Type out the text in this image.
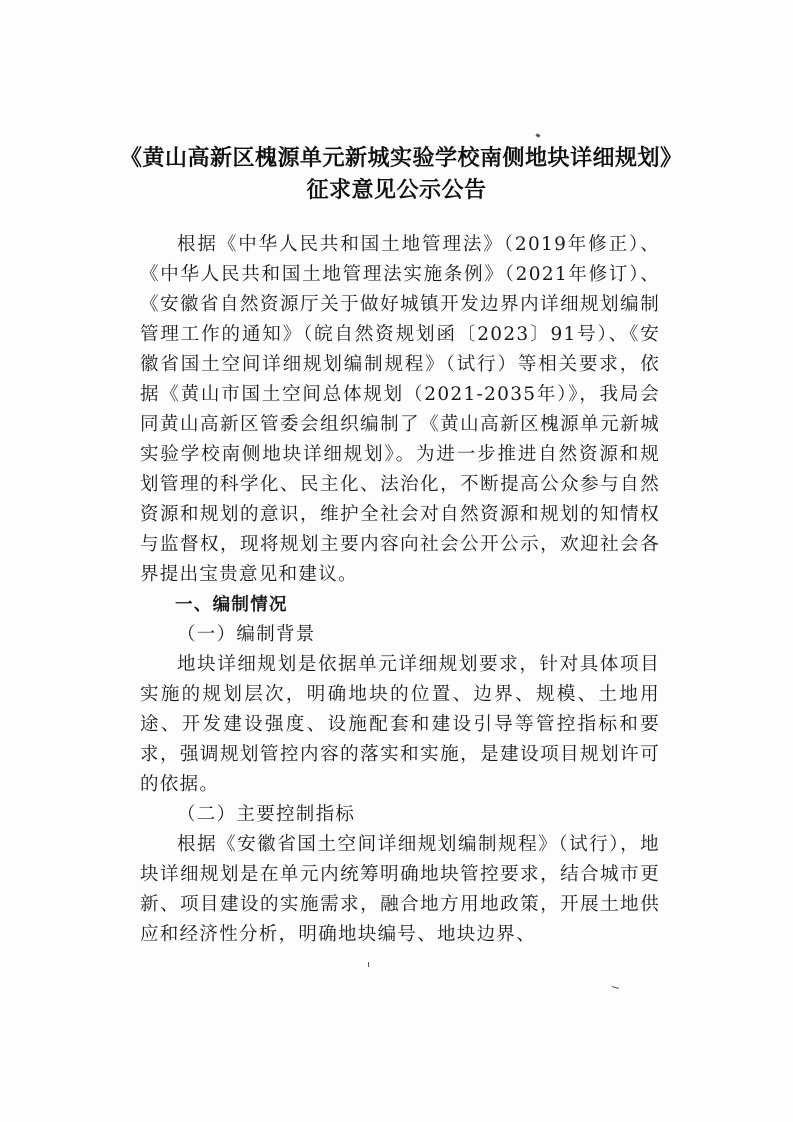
《黄山高新区槐源单元新城实验学校南侧地块详细规划》
征求意见公示公告

根据《中华人民共和国土地管理法》（2019年修正）、《中华人民共和国土地管理法实施条例》（2021年修订）、《安徽省自然资源厅关于做好城镇开发边界内详细规划编制管理工作的通知》（皖自然资规划函〔2023〕91号）、《安徽省国土空间详细规划编制规程》（试行）等相关要求，依据《黄山市国土空间总体规划（2021-2035年）》，我局会同黄山高新区管委会组织编制了《黄山高新区槐源单元新城实验学校南侧地块详细规划》。为进一步推进自然资源和规划管理的科学化、民主化、法治化，不断提高公众参与自然资源和规划的意识，维护全社会对自然资源和规划的知情权与监督权，现将规划主要内容向社会公开公示，欢迎社会各界提出宝贵意见和建议。

一、编制情况

（一）编制背景

地块详细规划是依据单元详细规划要求，针对具体项目实施的规划层次，明确地块的位置、边界、规模、土地用途、开发建设强度、设施配套和建设引导等管控指标和要求，强调规划管控内容的落实和实施，是建设项目规划许可的依据。

（二）主要控制指标

根据《安徽省国土空间详细规划编制规程》（试行），地块详细规划是在单元内统筹明确地块管控要求，结合城市更新、项目建设的实施需求，融合地方用地政策，开展土地供应和经济性分析，明确地块编号、地块边界、
